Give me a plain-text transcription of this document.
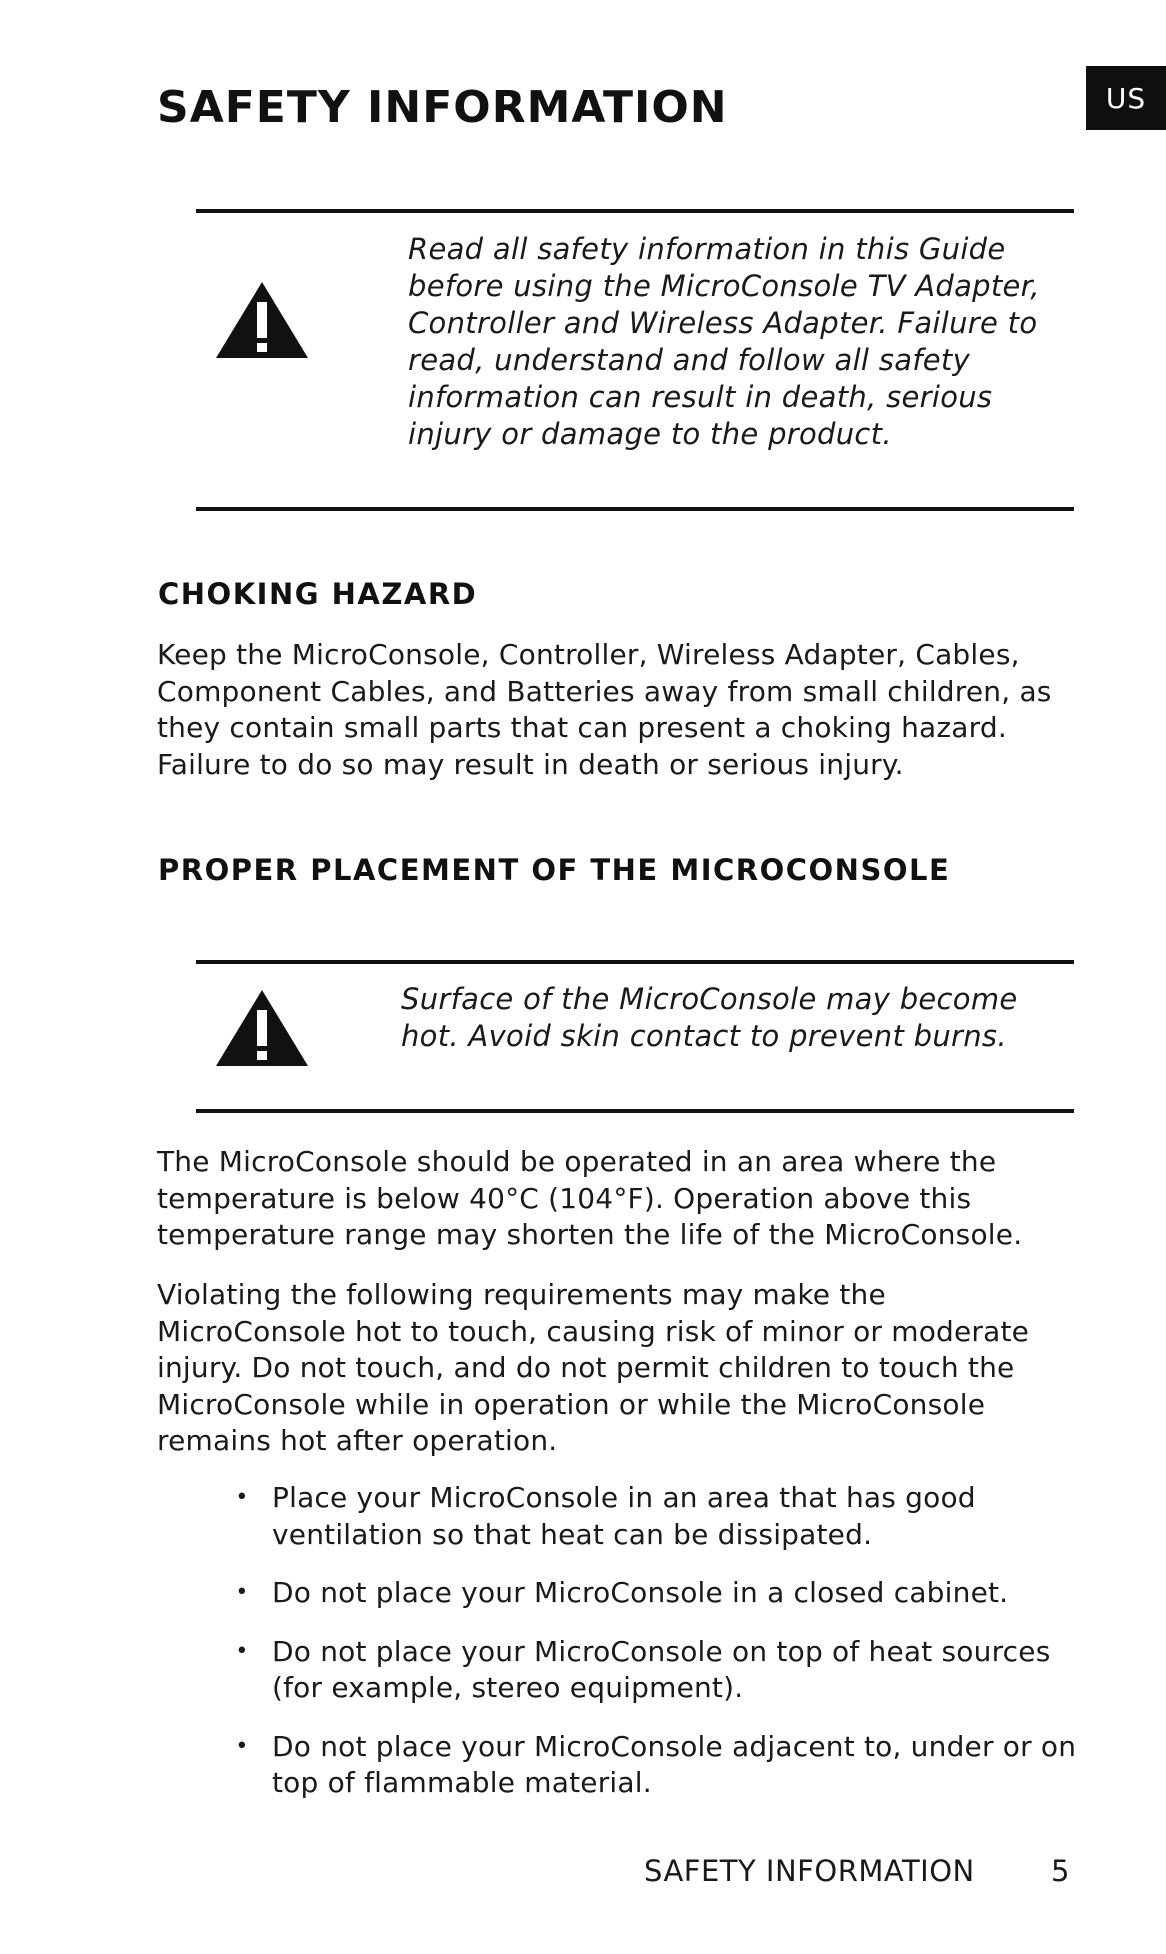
SAFETY INFORMATION	US

Read all safety information in this Guide before using the MicroConsole TV Adapter, Controller and Wireless Adapter. Failure to read, understand and follow all safety information can result in death, serious injury or damage to the product.

CHOKING HAZARD

Keep the MicroConsole, Controller, Wireless Adapter, Cables, Component Cables, and Batteries away from small children, as they contain small parts that can present a choking hazard. Failure to do so may result in death or serious injury.

PROPER PLACEMENT OF THE MICROCONSOLE

Surface of the MicroConsole may become hot. Avoid skin contact to prevent burns.

The MicroConsole should be operated in an area where the temperature is below 40°C (104°F). Operation above this temperature range may shorten the life of the MicroConsole.

Violating the following requirements may make the MicroConsole hot to touch, causing risk of minor or moderate injury. Do not touch, and do not permit children to touch the MicroConsole while in operation or while the MicroConsole remains hot after operation.

• Place your MicroConsole in an area that has good ventilation so that heat can be dissipated.
• Do not place your MicroConsole in a closed cabinet.
• Do not place your MicroConsole on top of heat sources (for example, stereo equipment).
• Do not place your MicroConsole adjacent to, under or on top of flammable material.
SAFETY INFORMATION	5
